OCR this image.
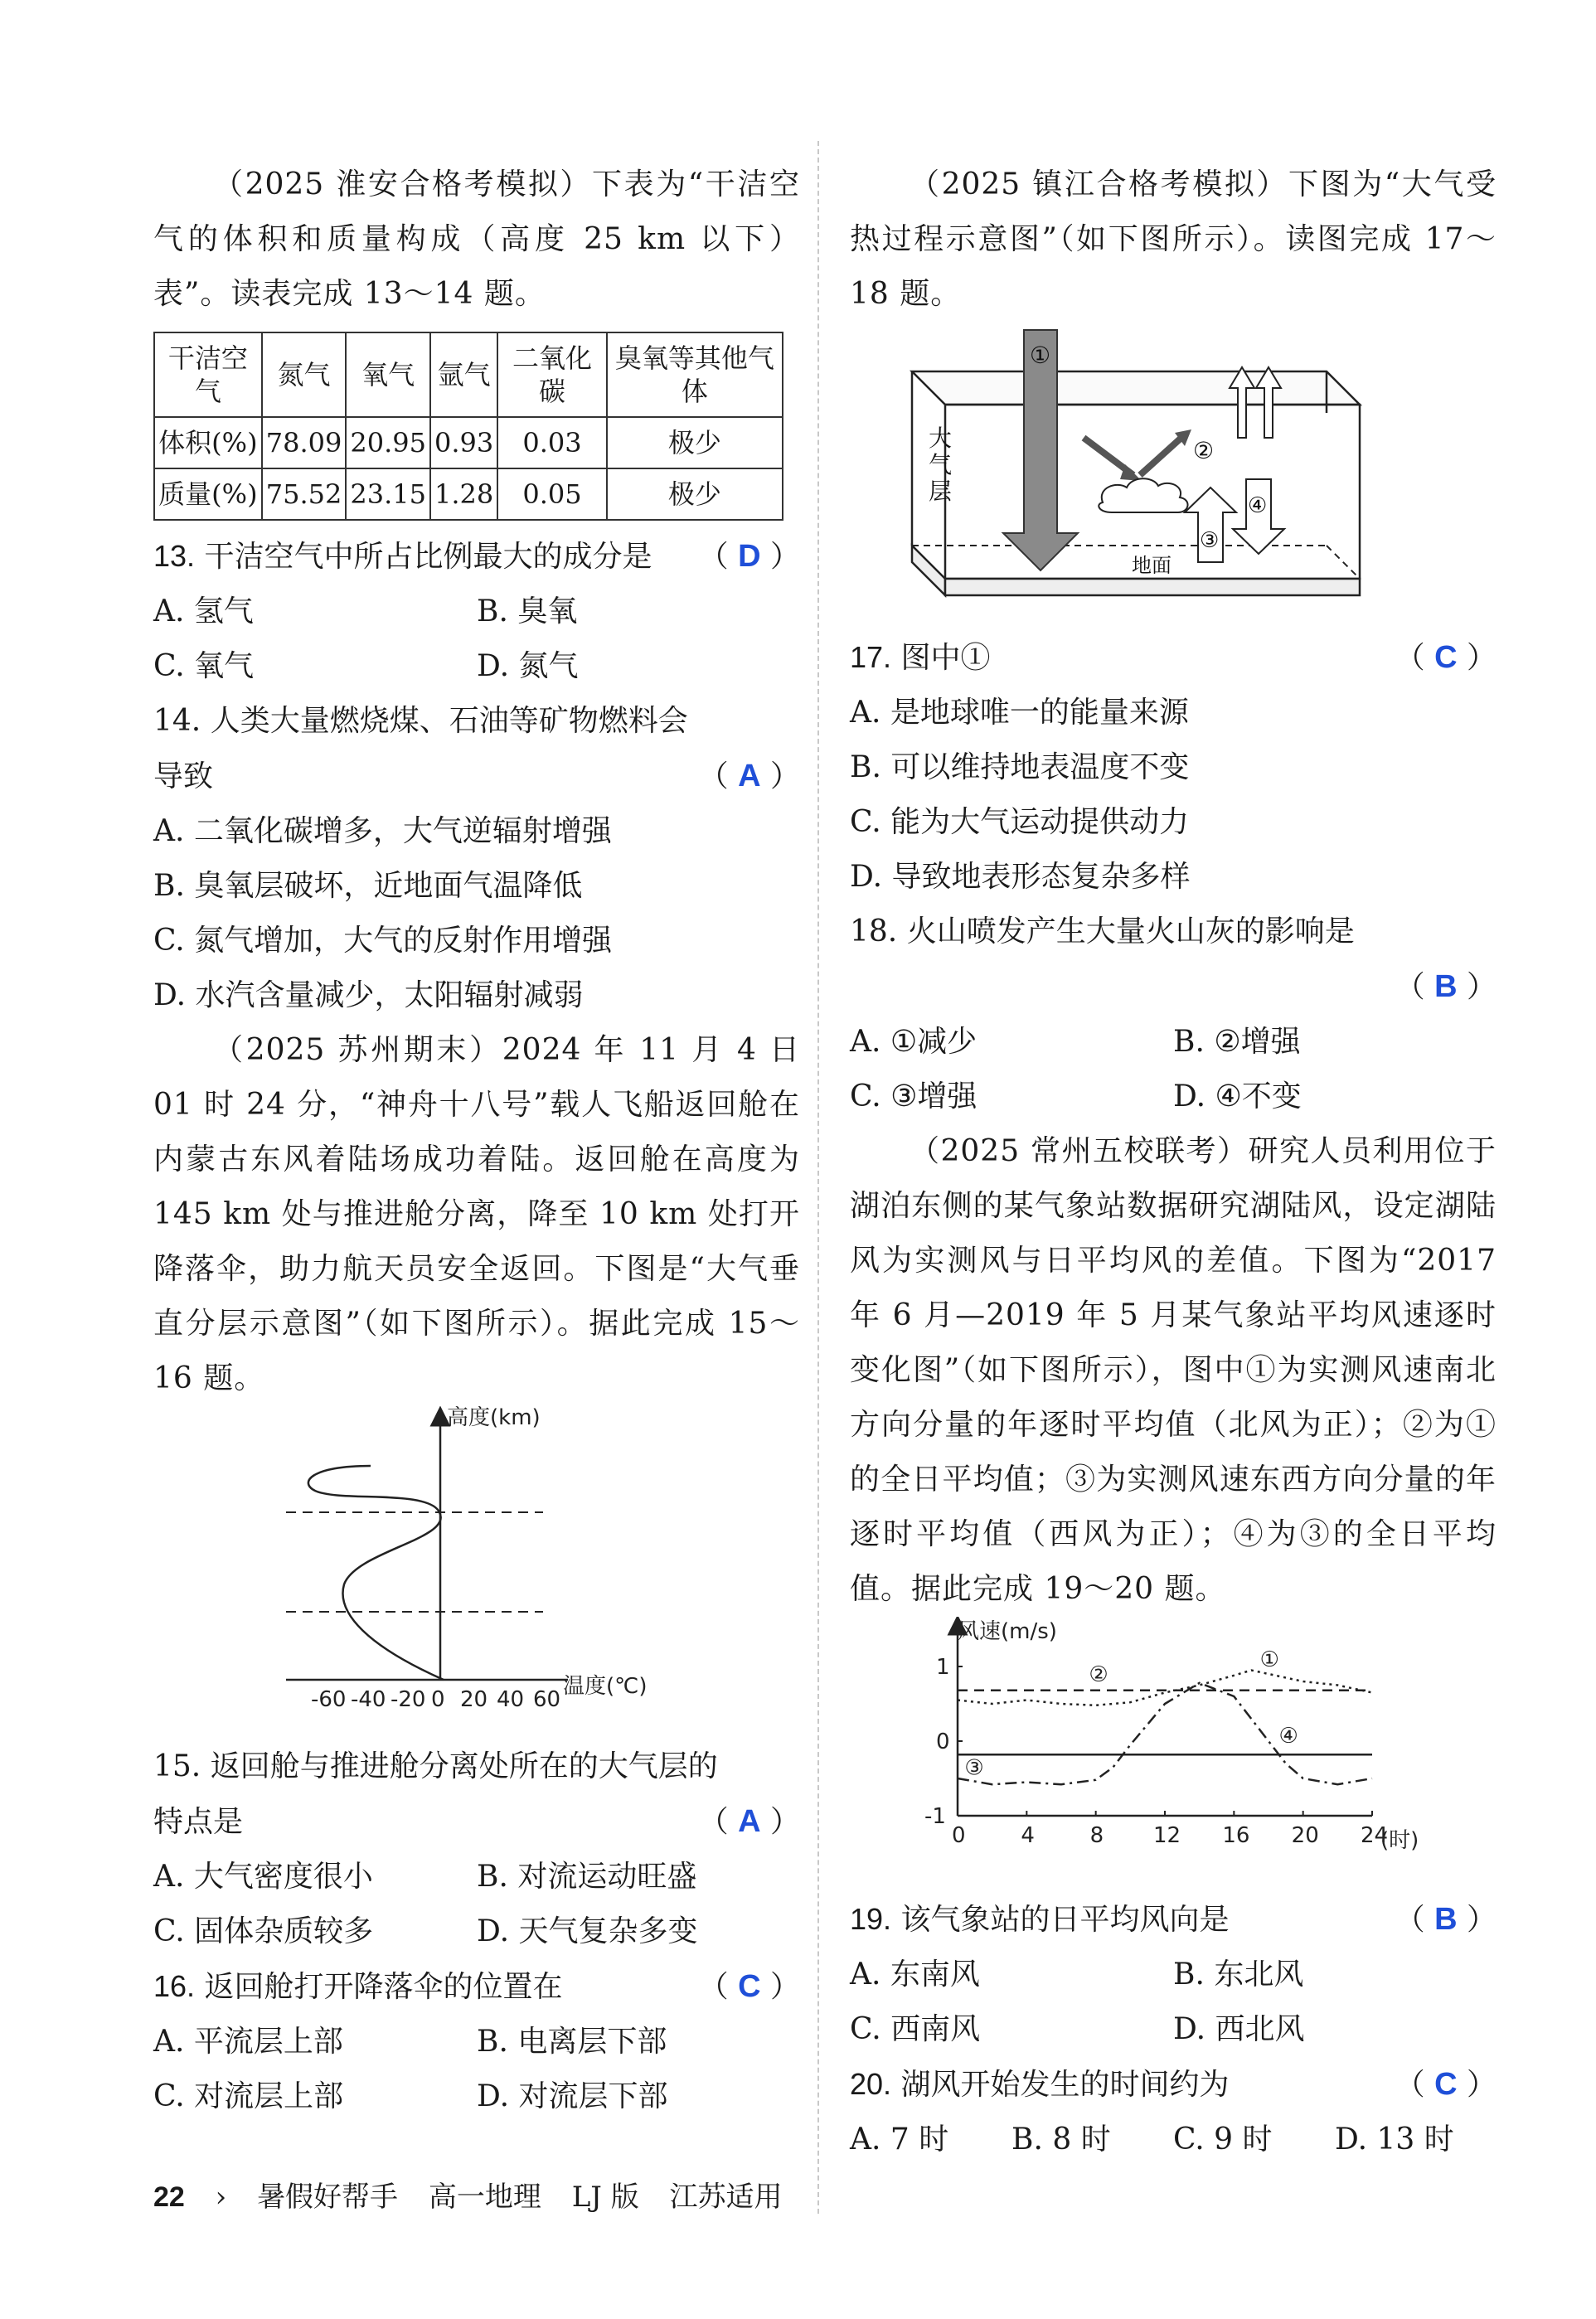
（2025 淮安合格考模拟）下表为“干洁空气的体积和质量构成（高度 25 km 以下）表”。读表完成 13～14 题。
干洁空气	氮气	氧气	氩气	二氧化碳	臭氧等其他气体
体积(%)	78.09	20.95	0.93	0.03	极少
质量(%)	75.52	23.15	1.28	0.05	极少
13. 干洁空气中所占比例最大的成分是 （ D ）
A. 氢气	B. 臭氧
C. 氧气	D. 氮气
14. 人类大量燃烧煤、石油等矿物燃料会
导致	（ A ）
A. 二氧化碳增多，大气逆辐射增强
B. 臭氧层破坏，近地面气温降低
C. 氮气增加，大气的反射作用增强
D. 水汽含量减少，太阳辐射减弱
（2025 苏州期末）2024 年 11 月 4 日 01 时 24 分，“神舟十八号”载人飞船返回舱在内蒙古东风着陆场成功着陆。返回舱在高度为 145 km 处与推进舱分离，降至 10 km 处打开降落伞，助力航天员安全返回。下图是“大气垂直分层示意图”（如下图所示）。据此完成 15～16 题。
高度(km)
温度(℃)
-60 -40 -20 0 20 40 60
15. 返回舱与推进舱分离处所在的大气层的
特点是	（ A ）
A. 大气密度很小	B. 对流运动旺盛
C. 固体杂质较多	D. 天气复杂多变
16. 返回舱打开降落伞的位置在	（ C ）
A. 平流层上部	B. 电离层下部
C. 对流层上部	D. 对流层下部
（2025 镇江合格考模拟）下图为“大气受热过程示意图”（如下图所示）。读图完成 17～18 题。
①
大
气
层
②
③
④
地面
17. 图中①	（ C ）
A. 是地球唯一的能量来源
B. 可以维持地表温度不变
C. 能为大气运动提供动力
D. 导致地表形态复杂多样
18. 火山喷发产生大量火山灰的影响是
（ B ）
A. ①减少	B. ②增强
C. ③增强	D. ④不变
（2025 常州五校联考）研究人员利用位于湖泊东侧的某气象站数据研究湖陆风，设定湖陆风为实测风与日平均风的差值。下图为“2017 年 6 月—2019 年 5 月某气象站平均风速逐时变化图”（如下图所示），图中①为实测风速南北方向分量的年逐时平均值（北风为正）；②为①的全日平均值；③为实测风速东西方向分量的年逐时平均值（西风为正）；④为③的全日平均值。据此完成 19～20 题。
风速(m/s)
(时)
0	4	8 12 16 20 24
1
0
-1
①
②
③
④
19. 该气象站的日平均风向是	（ B ）
A. 东南风	B. 东北风
C. 西南风	D. 西北风
20. 湖风开始发生的时间约为	（ C ）
A. 7 时	B. 8 时	C. 9 时	D. 13 时
22 › 暑假好帮手 高一地理 LJ 版 江苏适用
